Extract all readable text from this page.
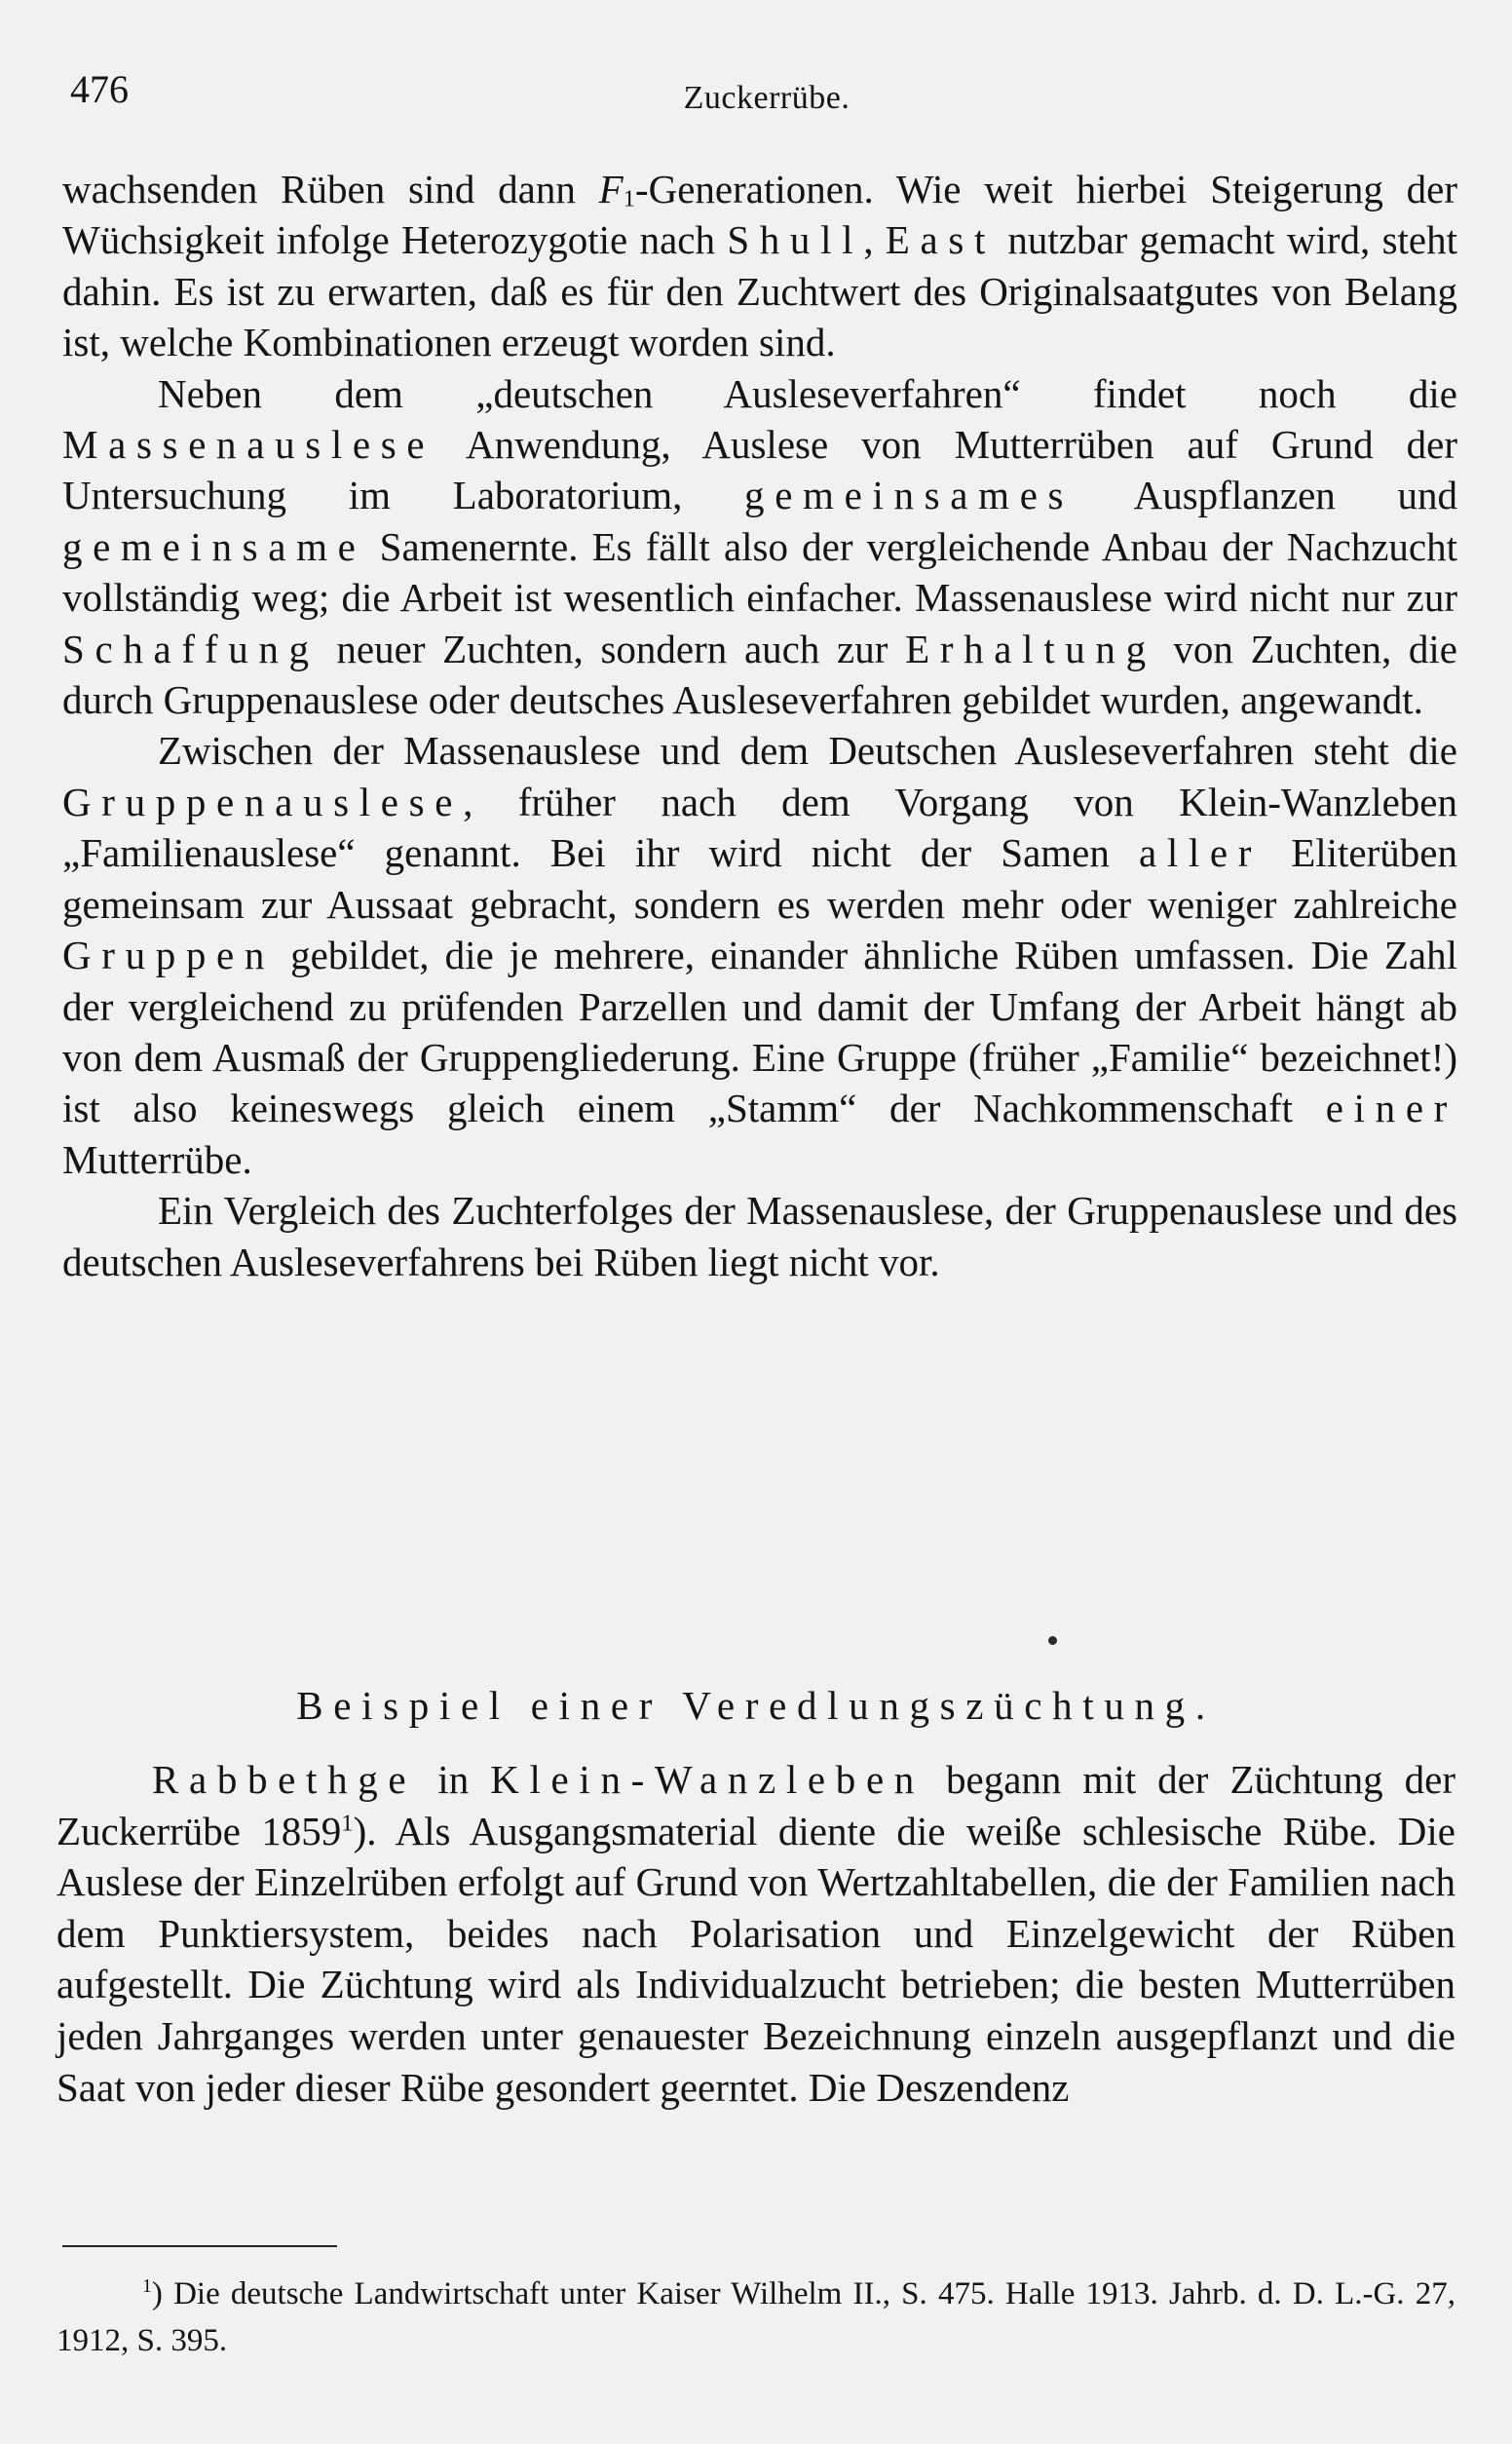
476	Zuckerrübe.

wachsenden Rüben sind dann $F_1$-Generationen. Wie weit hierbei Steigerung der Wüchsigkeit infolge Heterozygotie nach Shull, East nutzbar gemacht wird, steht dahin. Es ist zu erwarten, daß es für den Zuchtwert des Originalsaatgutes von Belang ist, welche Kombinationen erzeugt worden sind.

Neben dem „deutschen Ausleseverfahren“ findet noch die Massenauslese Anwendung, Auslese von Mutterrüben auf Grund der Untersuchung im Laboratorium, gemeinsames Auspflanzen und gemeinsame Samenernte. Es fällt also der vergleichende Anbau der Nachzucht vollständig weg; die Arbeit ist wesentlich einfacher. Massenauslese wird nicht nur zur Schaffung neuer Zuchten, sondern auch zur Erhaltung von Zuchten, die durch Gruppenauslese oder deutsches Ausleseverfahren gebildet wurden, angewandt.

Zwischen der Massenauslese und dem Deutschen Ausleseverfahren steht die Gruppenauslese, früher nach dem Vorgang von Klein-Wanzleben „Familienauslese“ genannt. Bei ihr wird nicht der Samen aller Eliterüben gemeinsam zur Aussaat gebracht, sondern es werden mehr oder weniger zahlreiche Gruppen gebildet, die je mehrere, einander ähnliche Rüben umfassen. Die Zahl der vergleichend zu prüfenden Parzellen und damit der Umfang der Arbeit hängt ab von dem Ausmaß der Gruppengliederung. Eine Gruppe (früher „Familie“ bezeichnet!) ist also keineswegs gleich einem „Stamm“ der Nachkommenschaft einer Mutterrübe.

Ein Vergleich des Zuchterfolges der Massenauslese, der Gruppenauslese und des deutschen Ausleseverfahrens bei Rüben liegt nicht vor.

Beispiel einer Veredlungszüchtung.

Rabbethge in Klein-Wanzleben begann mit der Züchtung der Zuckerrübe 1859$^1$). Als Ausgangsmaterial diente die weiße schlesische Rübe. Die Auslese der Einzelrüben erfolgt auf Grund von Wertzahltabellen, die der Familien nach dem Punktiersystem, beides nach Polarisation und Einzelgewicht der Rüben aufgestellt. Die Züchtung wird als Individualzucht betrieben; die besten Mutterrüben jeden Jahrganges werden unter genauester Bezeichnung einzeln ausgepflanzt und die Saat von jeder dieser Rübe gesondert geerntet. Die Deszendenz

$^1$) Die deutsche Landwirtschaft unter Kaiser Wilhelm II., S. 475. Halle 1913. Jahrb. d. D. L.-G. 27, 1912, S. 395.
